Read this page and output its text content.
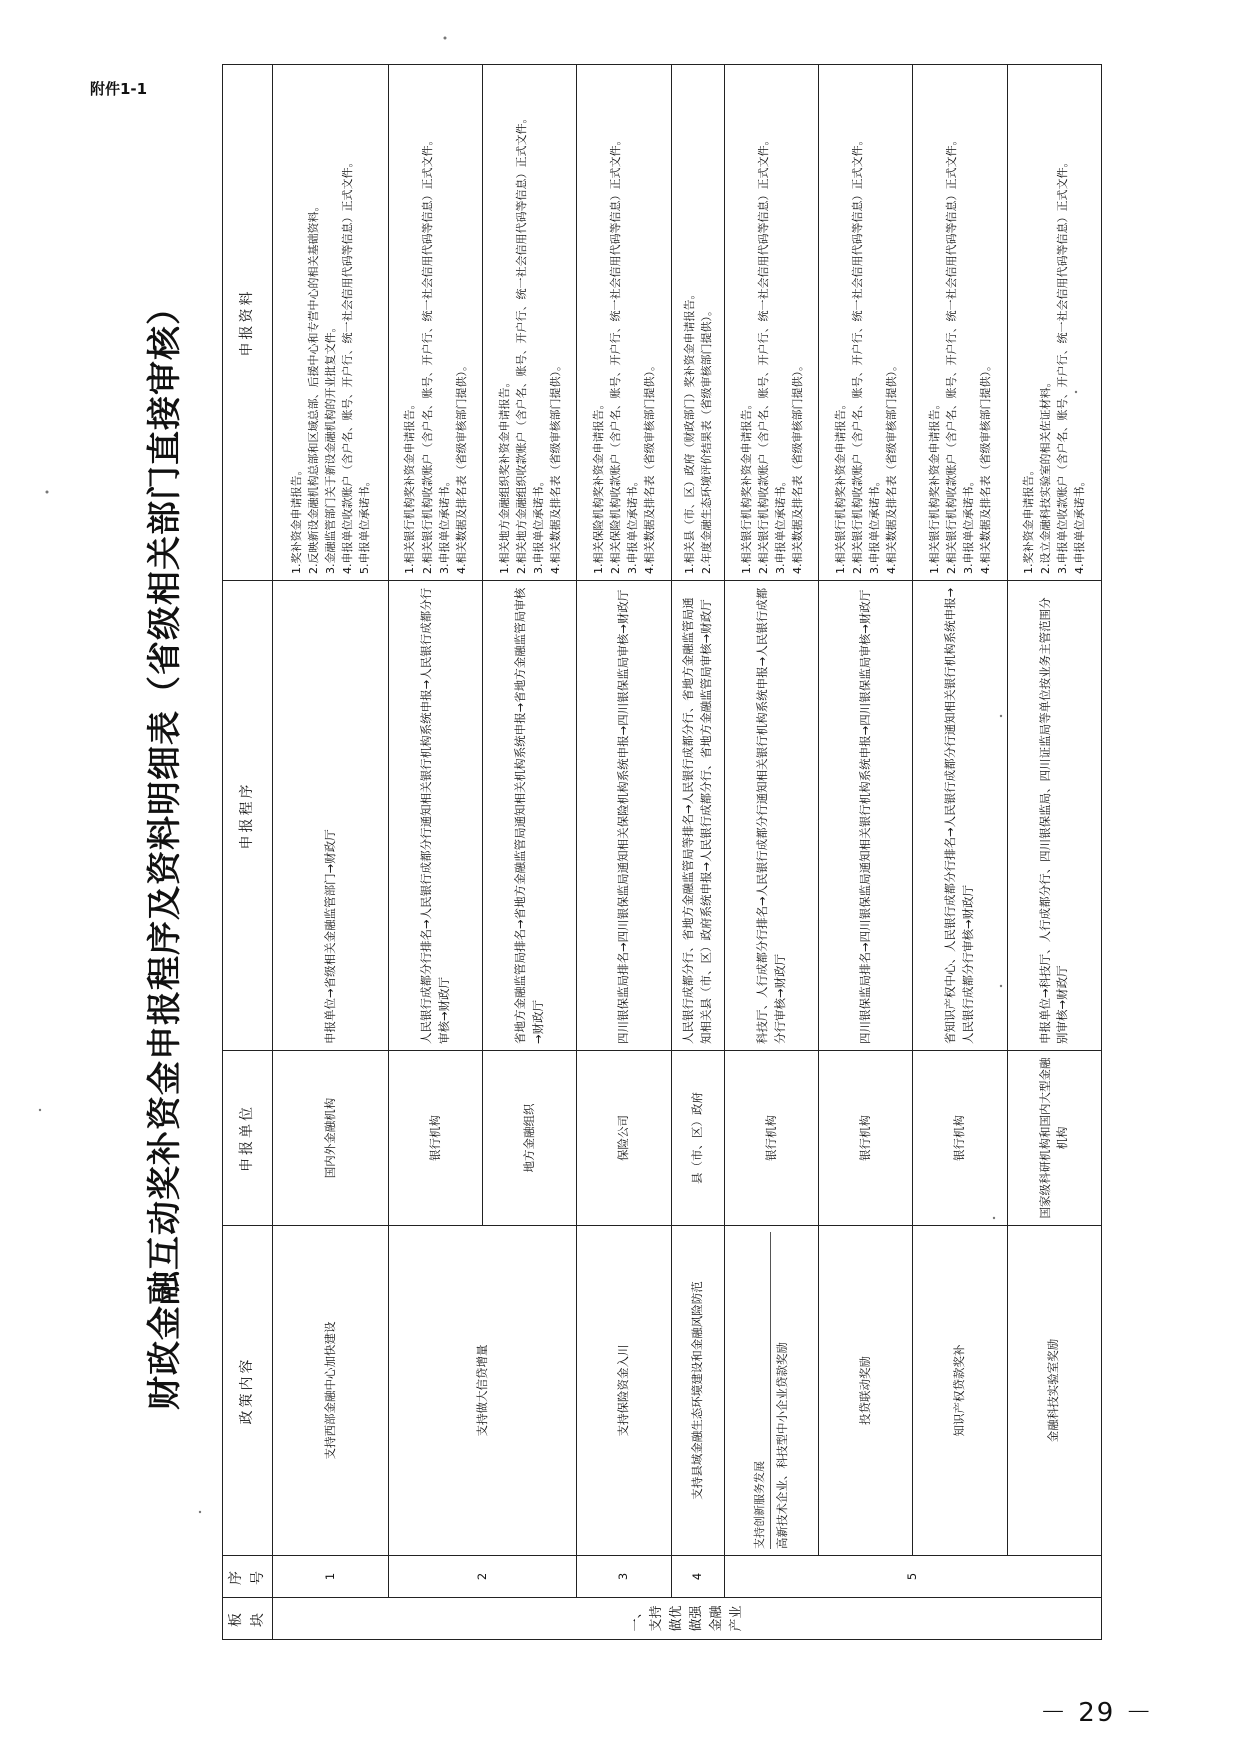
附件1-1
－ 29 －
财政金融互动奖补资金申报程序及资料明细表（省级相关部门直接审核）
板块	序号	政策内容	申报单位	申报程序	申报资料
一、支持做优做强金融产业	1	支持西部金融中心加快建设	国内外金融机构	申报单位→省级相关金融监管部门→财政厅	1.奖补资金申请报告。 2.反映新设金融机构总部和区域总部、后援中心和专营中心的相关基础资料。 3.金融监管部门关于新设金融机构的开业批复文件。 4.申报单位收款账户（含户名、账号、开户行、统一社会信用代码等信息）正式文件。 5.申报单位承诺书。

	2	支持做大信贷增量	银行机构	人民银行成都分行排名→人民银行成都分行通知相关银行机构系统申报→人民银行成都分行审核→财政厅	1.相关银行机构奖补资金申请报告。 2.相关银行机构收款账户（含户名、账号、开户行、统一社会信用代码等信息）正式文件。 3.申报单位承诺书。 4.相关数据及排名表（省级审核部门提供）。

			地方金融组织	省地方金融监管局排名→省地方金融监管局通知相关机构系统申报→省地方金融监管局审核→财政厅	1.相关地方金融组织奖补资金申请报告。 2.相关地方金融组织收款账户（含户名、账号、开户行、统一社会信用代码等信息）正式文件。 3.申报单位承诺书。 4.相关数据及排名表（省级审核部门提供）。

	3	支持保险资金入川	保险公司	四川银保监局排名→四川银保监局通知相关保险机构系统申报→四川银保监局审核→财政厅	1.相关保险机构奖补资金申请报告。 2.相关保险机构收款账户（含户名、账号、开户行、统一社会信用代码等信息）正式文件。 3.申报单位承诺书。 4.相关数据及排名表（省级审核部门提供）。

	4	支持县域金融生态环境建设和金融风险防范	县（市、区）政府	人民银行成都分行、省地方金融监管局等排名→人民银行成都分行、省地方金融监管局通知相关县（市、区）政府系统申报→人民银行成都分行、省地方金融监管局审核→财政厅	1.相关县（市、区）政府（财政部门）奖补资金申请报告。 2.年度金融生态环境评价结果表（省级审核部门提供）。

	5	支持创新服务发展 高新技术企业、科技型中小企业贷款奖励	银行机构	科技厅、人行成都分行排名→人民银行成都分行通知相关银行机构系统申报→人民银行成都分行审核→财政厅	1.相关银行机构奖补资金申请报告。 2.相关银行机构收款账户（含户名、账号、开户行、统一社会信用代码等信息）正式文件。 3.申报单位承诺书。 4.相关数据及排名表（省级审核部门提供）。

		投贷联动奖励	银行机构	四川银保监局排名→四川银保监局通知相关银行机构系统申报→四川银保监局审核→财政厅	1.相关银行机构奖补资金申请报告。 2.相关银行机构收款账户（含户名、账号、开户行、统一社会信用代码等信息）正式文件。 3.申报单位承诺书。 4.相关数据及排名表（省级审核部门提供）。

		知识产权贷款奖补	银行机构	省知识产权中心、人民银行成都分行排名→人民银行成都分行通知相关银行机构系统申报→人民银行成都分行审核→财政厅	1.相关银行机构奖补资金申请报告。 2.相关银行机构收款账户（含户名、账号、开户行、统一社会信用代码等信息）正式文件。 3.申报单位承诺书。 4.相关数据及排名表（省级审核部门提供）。

		金融科技实验室奖励	国家级科研机构和国内大型金融机构	申报单位→科技厅、人行成都分行、四川银保监局、四川证监局等单位按业务主管范围分别审核→财政厅	1.奖补资金申请报告。 2.设立金融科技实验室的相关佐证材料。 3.申报单位收款账户（含户名、账号、开户行、统一社会信用代码等信息）正式文件。 4.申报单位承诺书。
